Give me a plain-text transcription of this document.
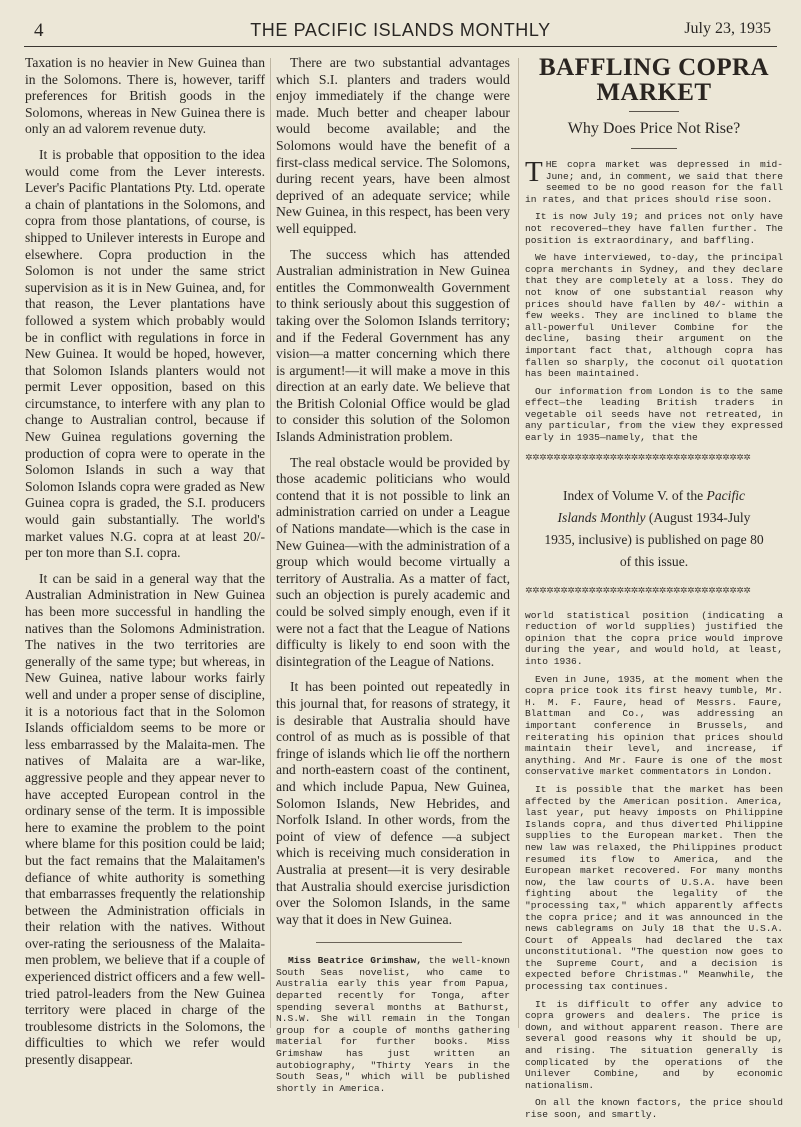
4	THE PACIFIC ISLANDS MONTHLY	July 23, 1935

Taxation is no heavier in New Guinea than in the Solomons. There is, however, tariff preferences for British goods in the Solomons, whereas in New Guinea there is only an ad valorem revenue duty.

It is probable that opposition to the idea would come from the Lever interests. Lever's Pacific Plantations Pty. Ltd. operate a chain of plantations in the Solomons, and copra from those plantations, of course, is shipped to Unilever interests in Europe and elsewhere. Copra production in the Solomon is not under the same strict supervision as it is in New Guinea, and, for that reason, the Lever plantations have followed a system which probably would be in conflict with regulations in force in New Guinea. It would be hoped, however, that Solomon Islands planters would not permit Lever opposition, based on this circumstance, to interfere with any plan to change to Australian control, because if New Guinea regulations governing the production of copra were to operate in the Solomon Islands in such a way that Solomon Islands copra were graded as New Guinea copra is graded, the S.I. producers would gain substantially. The world's market values N.G. copra at at least 20/- per ton more than S.I. copra.

It can be said in a general way that the Australian Administration in New Guinea has been more successful in handling the natives than the Solomons Administration. The natives in the two territories are generally of the same type; but whereas, in New Guinea, native labour works fairly well and under a proper sense of discipline, it is a notorious fact that in the Solomon Islands officialdom seems to be more or less embarrassed by the Malaita-men. The natives of Malaita are a war-like, aggressive people and they appear never to have accepted European control in the ordinary sense of the term. It is impossible here to examine the problem to the point where blame for this position could be laid; but the fact remains that the Malaitamen's defiance of white authority is something that embarrasses frequently the relationship between the Administration officials in their relation with the natives. Without over-rating the seriousness of the Malaita-men problem, we believe that if a couple of experienced district officers and a few well-tried patrol-leaders from the New Guinea territory were placed in charge of the troublesome districts in the Solomons, the difficulties to which we refer would presently disappear.

There are two substantial advantages which S.I. planters and traders would enjoy immediately if the change were made. Much better and cheaper labour would become available; and the Solomons would have the benefit of a first-class medical service. The Solomons, during recent years, have been almost deprived of an adequate service; while New Guinea, in this respect, has been very well equipped.

The success which has attended Australian administration in New Guinea entitles the Commonwealth Government to think seriously about this suggestion of taking over the Solomon Islands territory; and if the Federal Government has any vision—a matter concerning which there is argument!—it will make a move in this direction at an early date. We believe that the British Colonial Office would be glad to consider this solution of the Solomon Islands Administration problem.

The real obstacle would be provided by those academic politicians who would contend that it is not possible to link an administration carried on under a League of Nations mandate—which is the case in New Guinea—with the administration of a group which would become virtually a territory of Australia. As a matter of fact, such an objection is purely academic and could be solved simply enough, even if it were not a fact that the League of Nations difficulty is likely to end soon with the disintegration of the League of Nations.

It has been pointed out repeatedly in this journal that, for reasons of strategy, it is desirable that Australia should have control of as much as is possible of that fringe of islands which lie off the northern and north-eastern coast of the continent, and which include Papua, New Guinea, Solomon Islands, New Hebrides, and Norfolk Island. In other words, from the point of view of defence —a subject which is receiving much consideration in Australia at present—it is very desirable that Australia should exercise jurisdiction over the Solomon Islands, in the same way that it does in New Guinea.

Miss Beatrice Grimshaw, the well-known South Seas novelist, who came to Australia early this year from Papua, departed recently for Tonga, after spending several months at Bathurst, N.S.W. She will remain in the Tongan group for a couple of months gathering material for further books. Miss Grimshaw has just written an autobiography, "Thirty Years in the South Seas," which will be published shortly in America.

BAFFLING COPRA
MARKET
Why Does Price Not Rise?

THE copra market was depressed in mid-June; and, in comment, we said that there seemed to be no good reason for the fall in rates, and that prices should rise soon.

It is now July 19; and prices not only have not recovered—they have fallen further. The position is extraordinary, and baffling.

We have interviewed, to-day, the principal copra merchants in Sydney, and they declare that they are completely at a loss. They do not know of one substantial reason why prices should have fallen by 40/- within a few weeks. They are inclined to blame the all-powerful Unilever Combine for the decline, basing their argument on the important fact that, although copra has fallen so sharply, the coconut oil quotation has been maintained.

Our information from London is to the same effect—the leading British traders in vegetable oil seeds have not retreated, in any particular, from the view they expressed early in 1935—namely, that the

✲✲✲✲✲✲✲✲✲✲✲✲✲✲✲✲✲✲✲✲✲✲✲✲✲✲✲✲✲✲✲✲
Index of Volume V. of the Pacific
Islands Monthly (August 1934-July
1935, inclusive) is published on page 80
of this issue.
✲✲✲✲✲✲✲✲✲✲✲✲✲✲✲✲✲✲✲✲✲✲✲✲✲✲✲✲✲✲✲✲

world statistical position (indicating a reduction of world supplies) justified the opinion that the copra price would improve during the year, and would hold, at least, into 1936.

Even in June, 1935, at the moment when the copra price took its first heavy tumble, Mr. H. M. F. Faure, head of Messrs. Faure, Blattman and Co., was addressing an important conference in Brussels, and reiterating his opinion that prices should maintain their level, and increase, if anything. And Mr. Faure is one of the most conservative market commentators in London.

It is possible that the market has been affected by the American position. America, last year, put heavy imposts on Philippine Islands copra, and thus diverted Philippine supplies to the European market. Then the new law was relaxed, the Philippines product resumed its flow to America, and the European market recovered. For many months now, the law courts of U.S.A. have been fighting about the legality of the "processing tax," which apparently affects the copra price; and it was announced in the news cablegrams on July 18 that the U.S.A. Court of Appeals had declared the tax unconstitutional. "The question now goes to the Supreme Court, and a decision is expected before Christmas." Meanwhile, the processing tax continues.

It is difficult to offer any advice to copra growers and dealers. The price is down, and without apparent reason. There are several good reasons why it should be up, and rising. The situation generally is complicated by the operations of the Unilever Combine, and by economic nationalism.

On all the known factors, the price should rise soon, and smartly.
